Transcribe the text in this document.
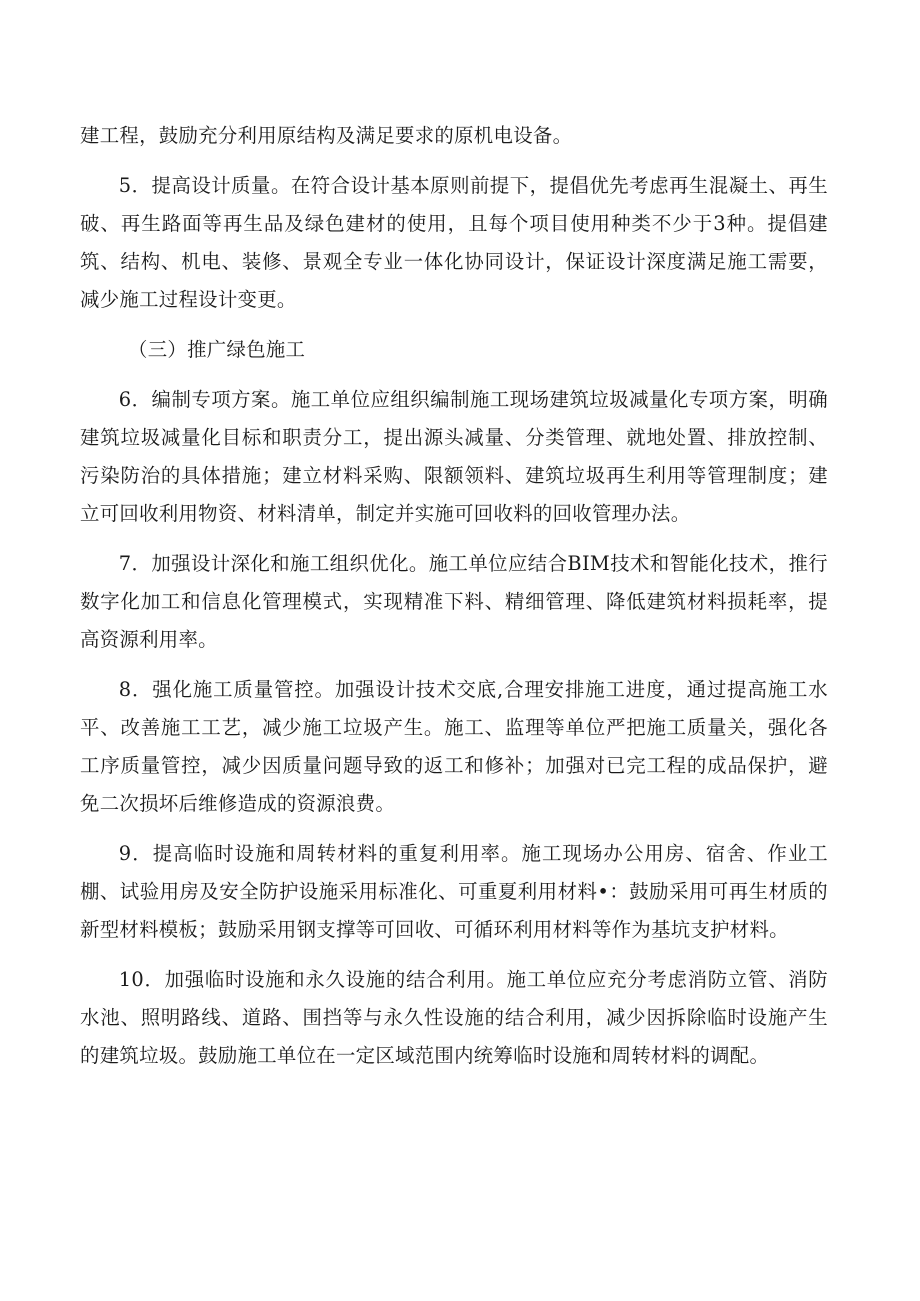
建工程，鼓励充分利用原结构及满足要求的原机电设备。

5．提高设计质量。在符合设计基本原则前提下，提倡优先考虑再生混凝土、再生破、再生路面等再生品及绿色建材的使用，且每个项目使用种类不少于3种。提倡建筑、结构、机电、装修、景观全专业一体化协同设计，保证设计深度满足施工需要，减少施工过程设计变更。

（三）推广绿色施工

6．编制专项方案。施工单位应组织编制施工现场建筑垃圾减量化专项方案，明确建筑垃圾减量化目标和职责分工，提出源头减量、分类管理、就地处置、排放控制、污染防治的具体措施；建立材料采购、限额领料、建筑垃圾再生利用等管理制度；建立可回收利用物资、材料清单，制定并实施可回收料的回收管理办法。

7．加强设计深化和施工组织优化。施工单位应结合BIM技术和智能化技术，推行数字化加工和信息化管理模式，实现精准下料、精细管理、降低建筑材料损耗率，提高资源利用率。

8．强化施工质量管控。加强设计技术交底,合理安排施工进度，通过提高施工水平、改善施工工艺，减少施工垃圾产生。施工、监理等单位严把施工质量关，强化各工序质量管控，减少因质量问题导致的返工和修补；加强对已完工程的成品保护，避免二次损坏后维修造成的资源浪费。

9．提高临时设施和周转材料的重复利用率。施工现场办公用房、宿舍、作业工棚、试验用房及安全防护设施采用标准化、可重夏利用材料•：鼓励采用可再生材质的新型材料模板；鼓励采用钢支撑等可回收、可循环利用材料等作为基坑支护材料。

10．加强临时设施和永久设施的结合利用。施工单位应充分考虑消防立管、消防水池、照明路线、道路、围挡等与永久性设施的结合利用，减少因拆除临时设施产生的建筑垃圾。鼓励施工单位在一定区域范围内统筹临时设施和周转材料的调配。
